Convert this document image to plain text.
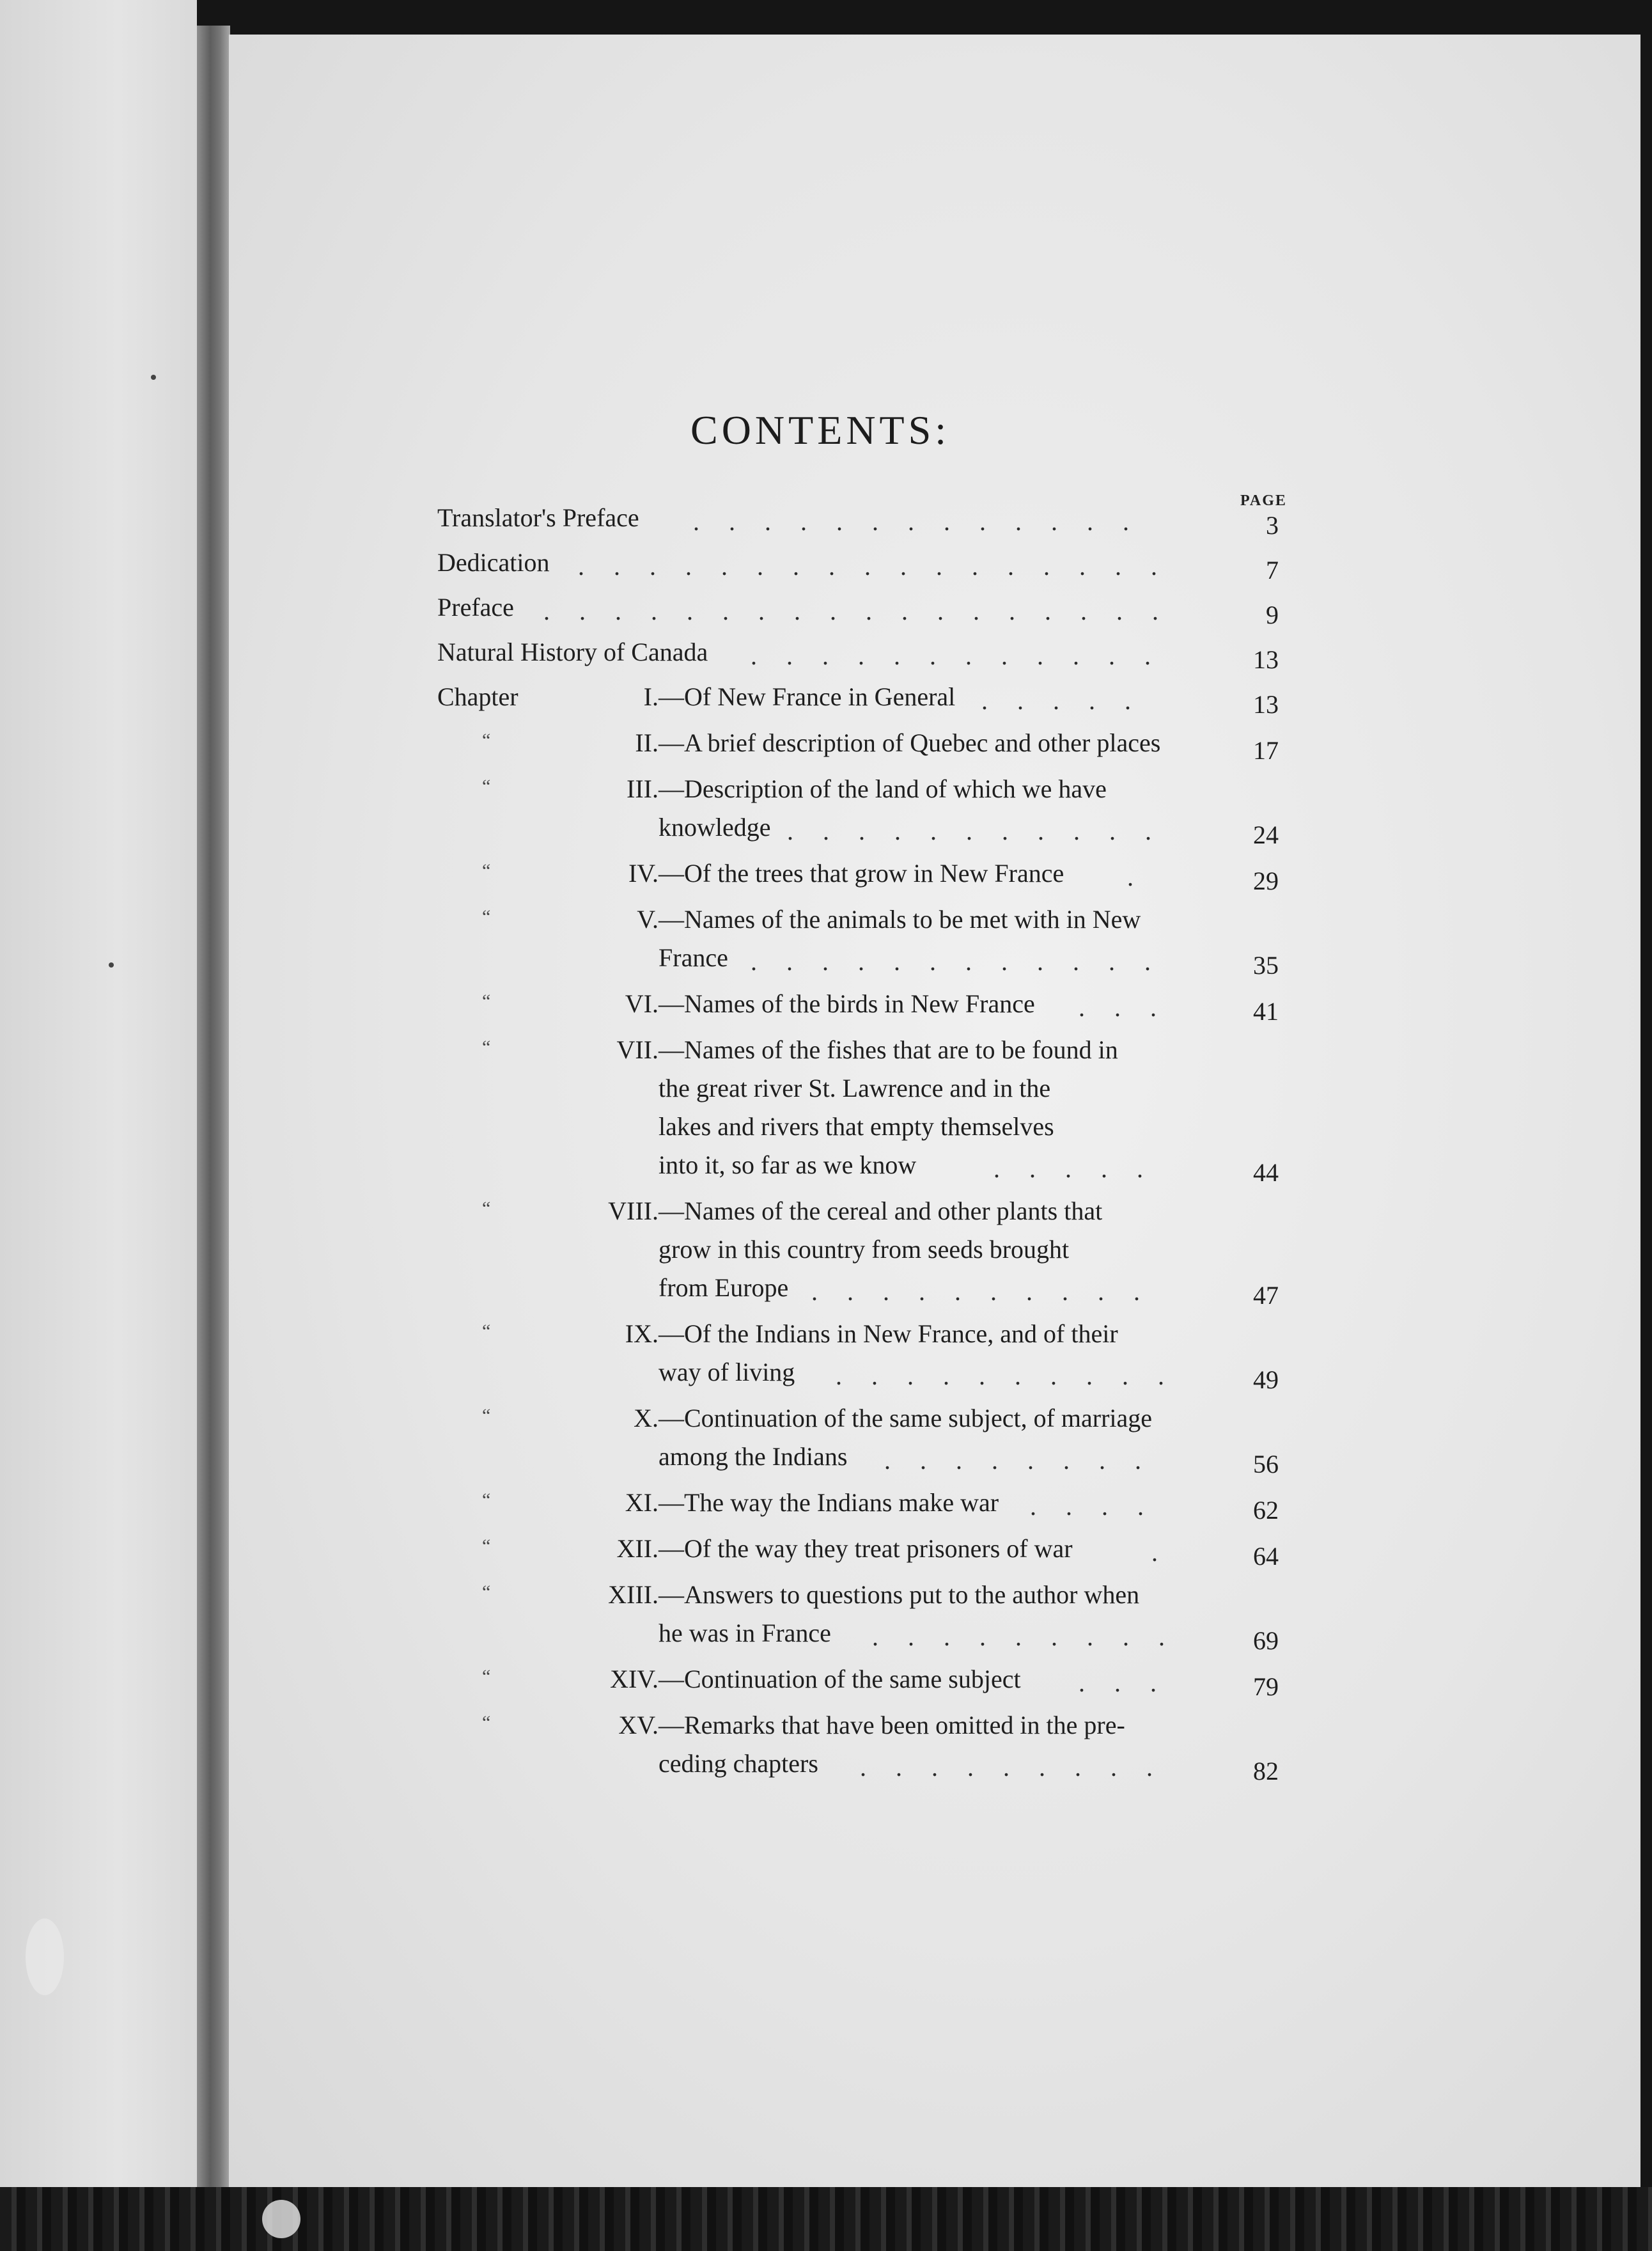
CONTENTS:
PAGE
Translator's Preface .............	3
Dedication .................	7
Preface ..................	9
Natural History of Canada ............	13
Chapter	I. —Of New France in General .....	13
“	II. —A brief description of Quebec and other places	17
“	III. —Description of the land of which we have
knowledge ...........	24
“	IV. —Of the trees that grow in New France .	29
“	V. —Names of the animals to be met with in New
France ............	35
“	VI. —Names of the birds in New France ...	41
“	VII. —Names of the fishes that are to be found in
the great river St. Lawrence and in the
lakes and rivers that empty themselves
into it, so far as we know	.....	44
“	VIII. —Names of the cereal and other plants that
grow in this country from seeds brought
from Europe ..........	47
“	IX. —Of the Indians in New France, and of their
way of living ..........	49
“	X. —Continuation of the same subject, of marriage
among the Indians ........	56
“	XI. —The way the Indians make war ....	62
“	XII. —Of the way they treat prisoners of war	.	64
“	XIII. —Answers to questions put to the author when
he was in France .........	69
“	XIV. —Continuation of the same subject ...	79
“	XV. —Remarks that have been omitted in the pre-
ceding chapters .........	82
